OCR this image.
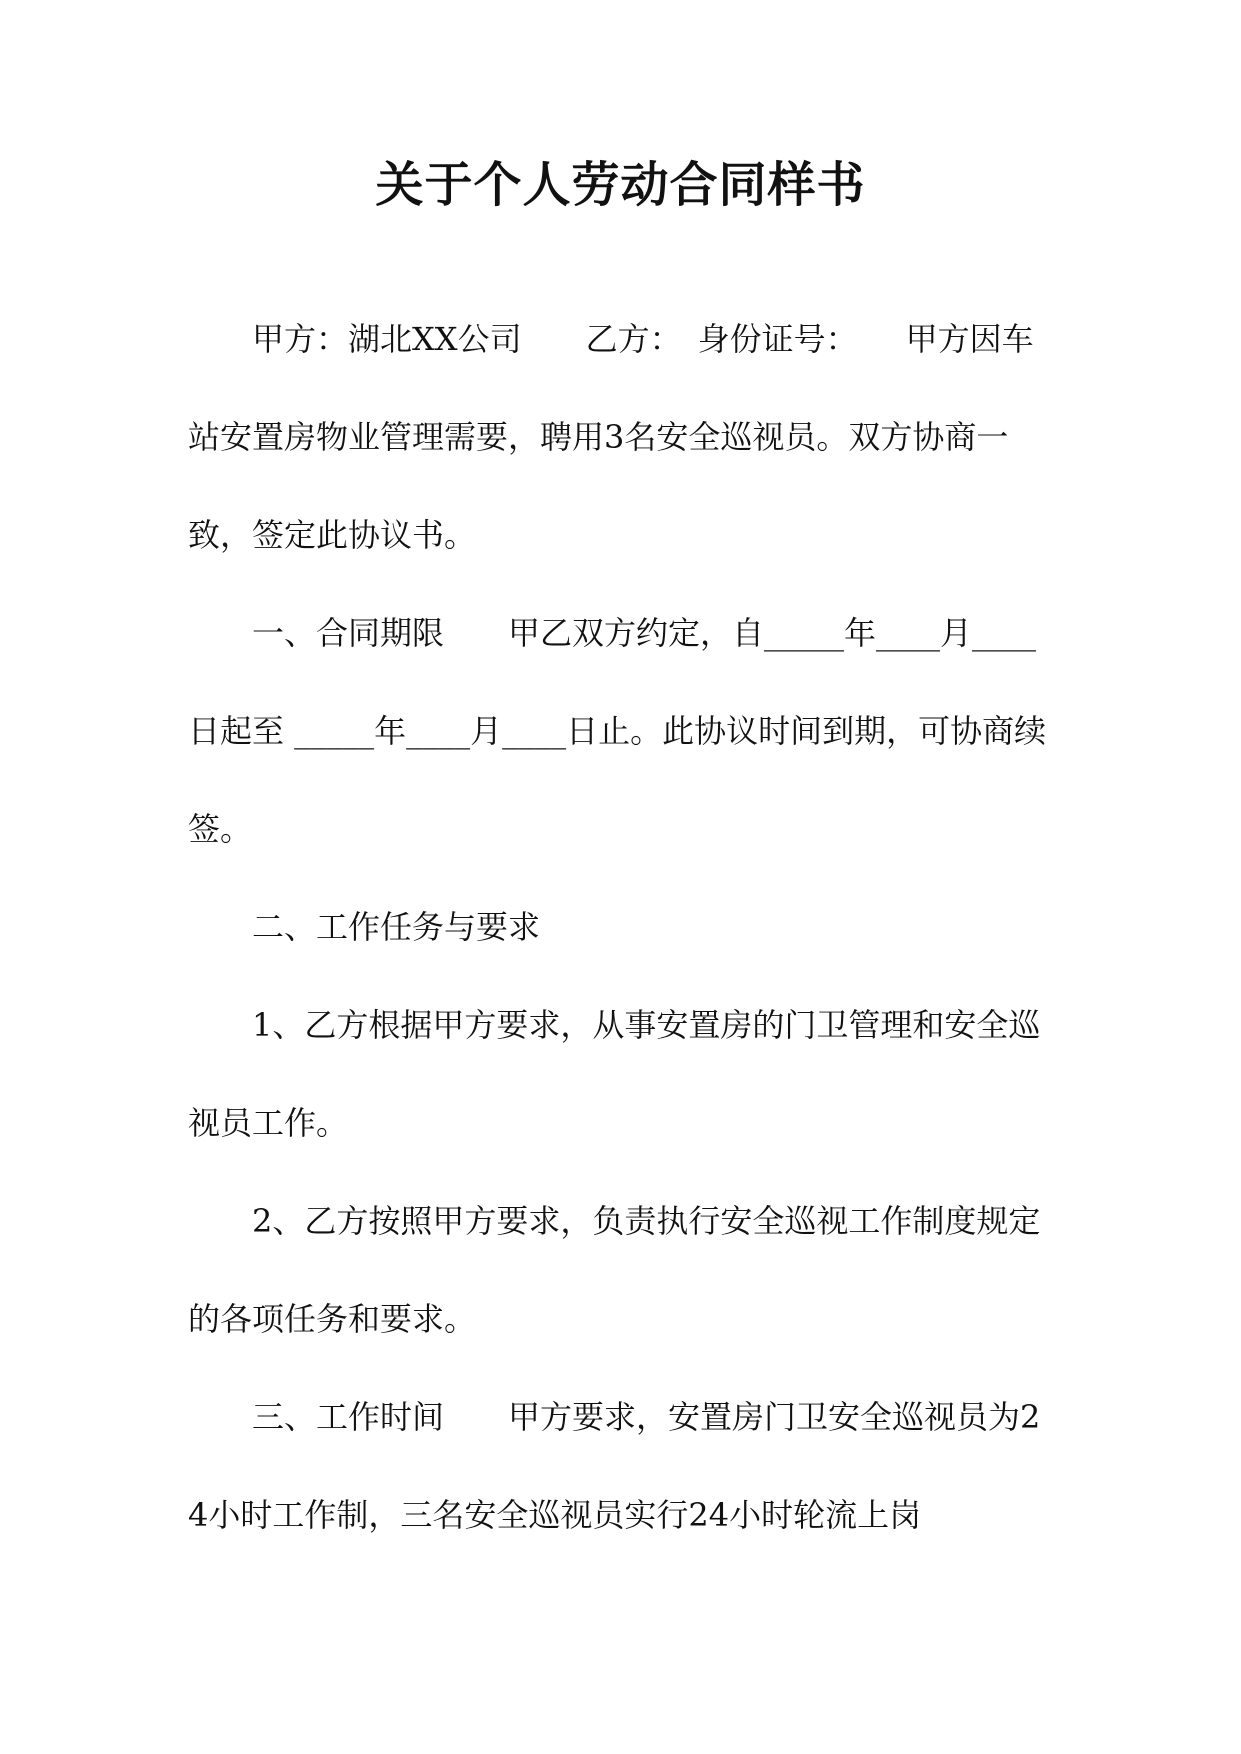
关于个人劳动合同样书

甲方：湖北XX公司　　乙方：　身份证号：　　甲方因车站安置房物业管理需要，聘用3名安全巡视员。双方协商一致，签定此协议书。

一、合同期限　　甲乙双方约定，自_____年____月____日起至 _____年____月____日止。此协议时间到期，可协商续签。

二、工作任务与要求

1、乙方根据甲方要求，从事安置房的门卫管理和安全巡视员工作。

2、乙方按照甲方要求，负责执行安全巡视工作制度规定的各项任务和要求。

三、工作时间　　甲方要求，安置房门卫安全巡视员为24小时工作制，三名安全巡视员实行24小时轮流上岗
